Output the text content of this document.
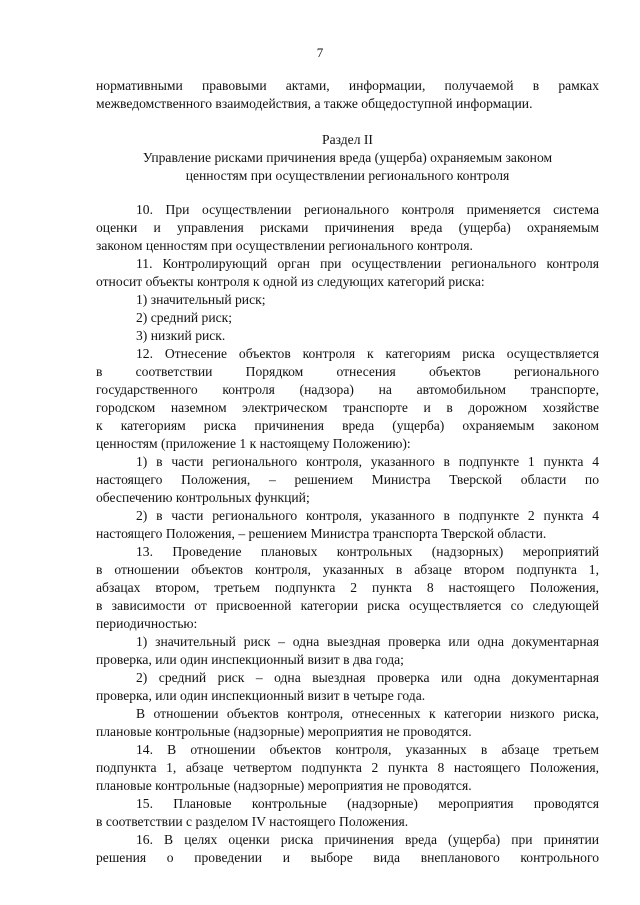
7
нормативными правовыми актами, информации, получаемой в рамках
межведомственного взаимодействия, а также общедоступной информации.
Раздел II
Управление рисками причинения вреда (ущерба) охраняемым законом
ценностям при осуществлении регионального контроля
10. При осуществлении регионального контроля применяется система
оценки и управления рисками причинения вреда (ущерба) охраняемым
законом ценностям при осуществлении регионального контроля.
11. Контролирующий орган при осуществлении регионального контроля
относит объекты контроля к одной из следующих категорий риска:
1) значительный риск;
2) средний риск;
3) низкий риск.
12. Отнесение объектов контроля к категориям риска осуществляется
в соответствии Порядком отнесения объектов регионального
государственного контроля (надзора) на автомобильном транспорте,
городском наземном электрическом транспорте и в дорожном хозяйстве
к категориям риска причинения вреда (ущерба) охраняемым законом
ценностям (приложение 1 к настоящему Положению):
1) в части регионального контроля, указанного в подпункте 1 пункта 4
настоящего Положения, – решением Министра Тверской области по
обеспечению контрольных функций;
2) в части регионального контроля, указанного в подпункте 2 пункта 4
настоящего Положения, – решением Министра транспорта Тверской области.
13. Проведение плановых контрольных (надзорных) мероприятий
в отношении объектов контроля, указанных в абзаце втором подпункта 1,
абзацах втором, третьем подпункта 2 пункта 8 настоящего Положения,
в зависимости от присвоенной категории риска осуществляется со следующей
периодичностью:
1) значительный риск – одна выездная проверка или одна документарная
проверка, или один инспекционный визит в два года;
2) средний риск – одна выездная проверка или одна документарная
проверка, или один инспекционный визит в четыре года.
В отношении объектов контроля, отнесенных к категории низкого риска,
плановые контрольные (надзорные) мероприятия не проводятся.
14. В отношении объектов контроля, указанных в абзаце третьем
подпункта 1, абзаце четвертом подпункта 2 пункта 8 настоящего Положения,
плановые контрольные (надзорные) мероприятия не проводятся.
15. Плановые контрольные (надзорные) мероприятия проводятся
в соответствии с разделом IV настоящего Положения.
16. В целях оценки риска причинения вреда (ущерба) при принятии
решения о проведении и выборе вида внепланового контрольного
